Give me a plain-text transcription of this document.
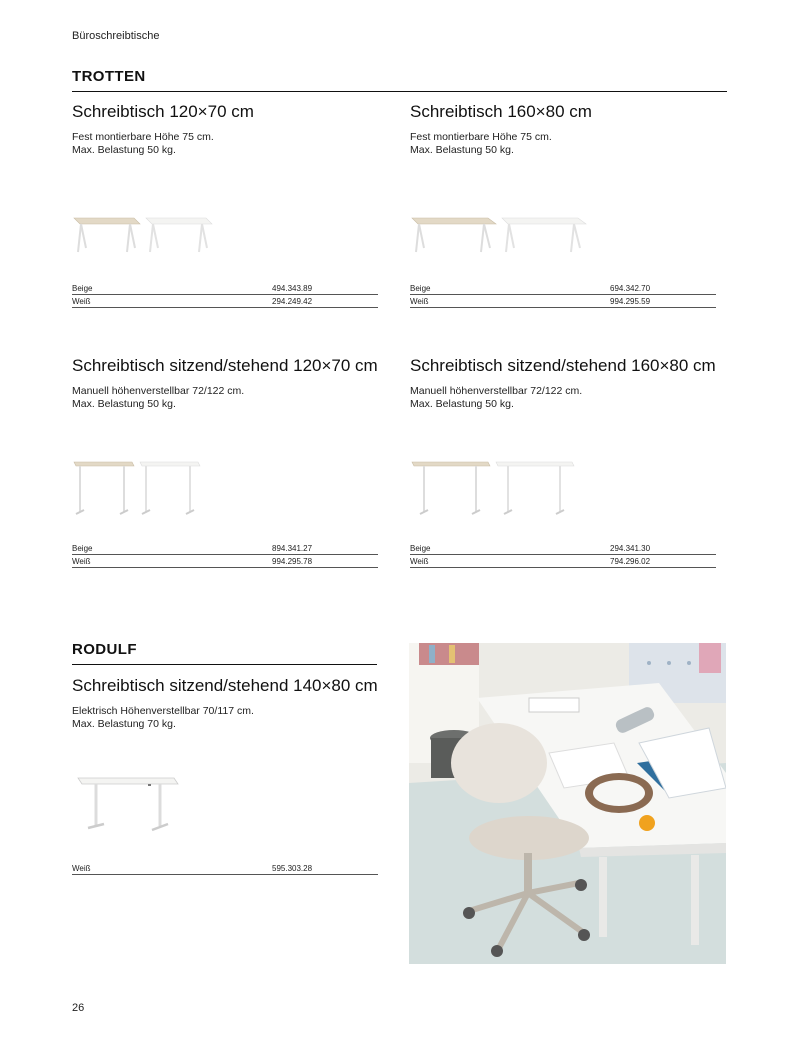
Büroschreibtische
TROTTEN
Schreibtisch 120×70 cm
Fest montierbare Höhe 75 cm.
Max. Belastung 50 kg.
Beige	494.343.89
Weiß	294.249.42
Schreibtisch 160×80 cm
Fest montierbare Höhe 75 cm.
Max. Belastung 50 kg.
Beige	694.342.70
Weiß	994.295.59
Schreibtisch sitzend/stehend 120×70 cm
Manuell höhenverstellbar 72/122 cm.
Max. Belastung 50 kg.
Beige	894.341.27
Weiß	994.295.78
Schreibtisch sitzend/stehend 160×80 cm
Manuell höhenverstellbar 72/122 cm.
Max. Belastung 50 kg.
Beige	294.341.30
Weiß	794.296.02
RODULF
Schreibtisch sitzend/stehend 140×80 cm
Elektrisch Höhenverstellbar 70/117 cm.
Max. Belastung 70 kg.
Weiß	595.303.28
26
